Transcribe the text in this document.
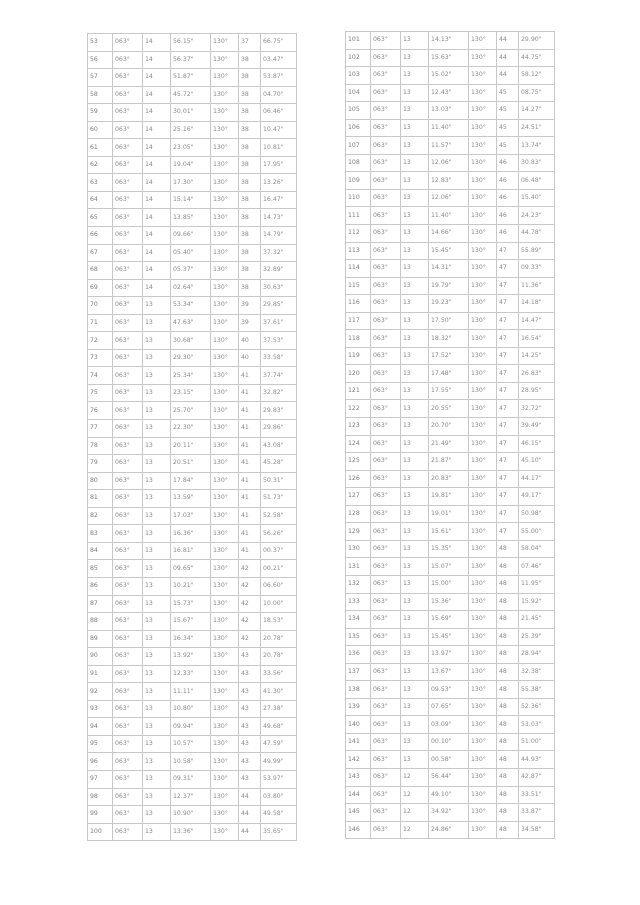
53	063°	14	56.15"	130°	37	66.75"
56	063°	14	56.37"	130°	38	03.47"
57	063°	14	51.87"	130°	38	53.87"
58	063°	14	45.72"	130°	38	04.70"
59	063°	14	30.01"	130°	38	06.46"
60	063°	14	25.16"	130°	38	10.47"
61	063°	14	23.05"	130°	38	10.81"
62	063°	14	19.04"	130°	38	17.95"
63	063°	14	17.30"	130°	38	13.26"
64	063°	14	15.14"	130°	38	16.47"
65	063°	14	13.85"	130°	38	14.73"
66	063°	14	09.66"	130°	38	14.79"
67	063°	14	05.40"	130°	38	37.32"
68	063°	14	05.37"	130°	38	32.89"
69	063°	14	02.64"	130°	38	30.63"
70	063°	13	53.34"	130°	39	29.85"
71	063°	13	47.63"	130°	39	37.61"
72	063°	13	30.68"	130°	40	37.53"
73	063°	13	29.30"	130°	40	33.58"
74	063°	13	25.34"	130°	41	37.74"
75	063°	13	23.15"	130°	41	32.82"
76	063°	13	25.70"	130°	41	29.83"
77	063°	13	22.30"	130°	41	29.86"
78	063°	13	20.11"	130°	41	43.08"
79	063°	13	20.51"	130°	41	45.28"
80	063°	13	17.84"	130°	41	50.31"
81	063°	13	13.59"	130°	41	51.73"
82	063°	13	17.03"	130°	41	52.58"
83	063°	13	16.36"	130°	41	56.26"
84	063°	13	16.81"	130°	41	00.37"
85	063°	13	09.65"	130°	42	00.21"
86	063°	13	10.21"	130°	42	06.60"
87	063°	13	15.73"	130°	42	10.00"
88	063°	13	15.67"	130°	42	18.53"
89	063°	13	16.34"	130°	42	20.78"
90	063°	13	13.92"	130°	43	20.78"
91	063°	13	12.33"	130°	43	33.56"
92	063°	13	11.11"	130°	43	41.30"
93	063°	13	10.80"	130°	43	27.38"
94	063°	13	09.94"	130°	43	49.68"
95	063°	13	10.57"	130°	43	47.59"
96	063°	13	10.58"	130°	43	49.99"
97	063°	13	09.31"	130°	43	53.97"
98	063°	13	12.37"	130°	44	03.80"
99	063°	13	10.90"	130°	44	49.58"
100	063°	13	13.36"	130°	44	35.65"
101	063°	13	14.13"	130°	44	29.90"
102	063°	13	15.63"	130°	44	44.75"
103	063°	13	15.02"	130°	44	58.12"
104	063°	13	12.43"	130°	45	08.75"
105	063°	13	13.03"	130°	45	14.27"
106	063°	13	11.40"	130°	45	24.51"
107	063°	13	11.57"	130°	45	13.74"
108	063°	13	12.06"	130°	46	30.83"
109	063°	13	12.83"	130°	46	06.48"
110	063°	13	12.06"	130°	46	15.40"
111	063°	13	11.40"	130°	46	24.23"
112	063°	13	14.66"	130°	46	44.78"
113	063°	13	15.45"	130°	47	55.89"
114	063°	13	14.31"	130°	47	09.33"
115	063°	13	19.79"	130°	47	11.36"
116	063°	13	19.23"	130°	47	14.18"
117	063°	13	17.50"	130°	47	14.47"
118	063°	13	18.32"	130°	47	16.54"
119	063°	13	17.52"	130°	47	14.25"
120	063°	13	17.48"	130°	47	26.83"
121	063°	13	17.55"	130°	47	28.95"
122	063°	13	20.55"	130°	47	32.72"
123	063°	13	20.70"	130°	47	39.49"
124	063°	13	21.49"	130°	47	46.15"
125	063°	13	21.87"	130°	47	45.10"
126	063°	13	20.83"	130°	47	44.17"
127	063°	13	19.81"	130°	47	49.17"
128	063°	13	19.01"	130°	47	50.98"
129	063°	13	15.61"	130°	47	55.00"
130	063°	13	15.35"	130°	48	58.04"
131	063°	13	15.07"	130°	48	07.46"
132	063°	13	15.00"	130°	48	11.95"
133	063°	13	15.36"	130°	48	15.92"
134	063°	13	15.69"	130°	48	21.45"
135	063°	13	15.45"	130°	48	25.39"
136	063°	13	13.97"	130°	48	28.94"
137	063°	13	13.67"	130°	48	32.38"
138	063°	13	09.53"	130°	48	55.38"
139	063°	13	07.65"	130°	48	52.36"
140	063°	13	03.09"	130°	48	53.03"
141	063°	13	00.10"	130°	48	51.00"
142	063°	13	00.58"	130°	48	44.93"
143	063°	12	56.44"	130°	48	42.87"
144	063°	12	49.10"	130°	48	33.51"
145	063°	12	34.92"	130°	48	33.87"
146	063°	12	24.86"	130°	48	34.58"
